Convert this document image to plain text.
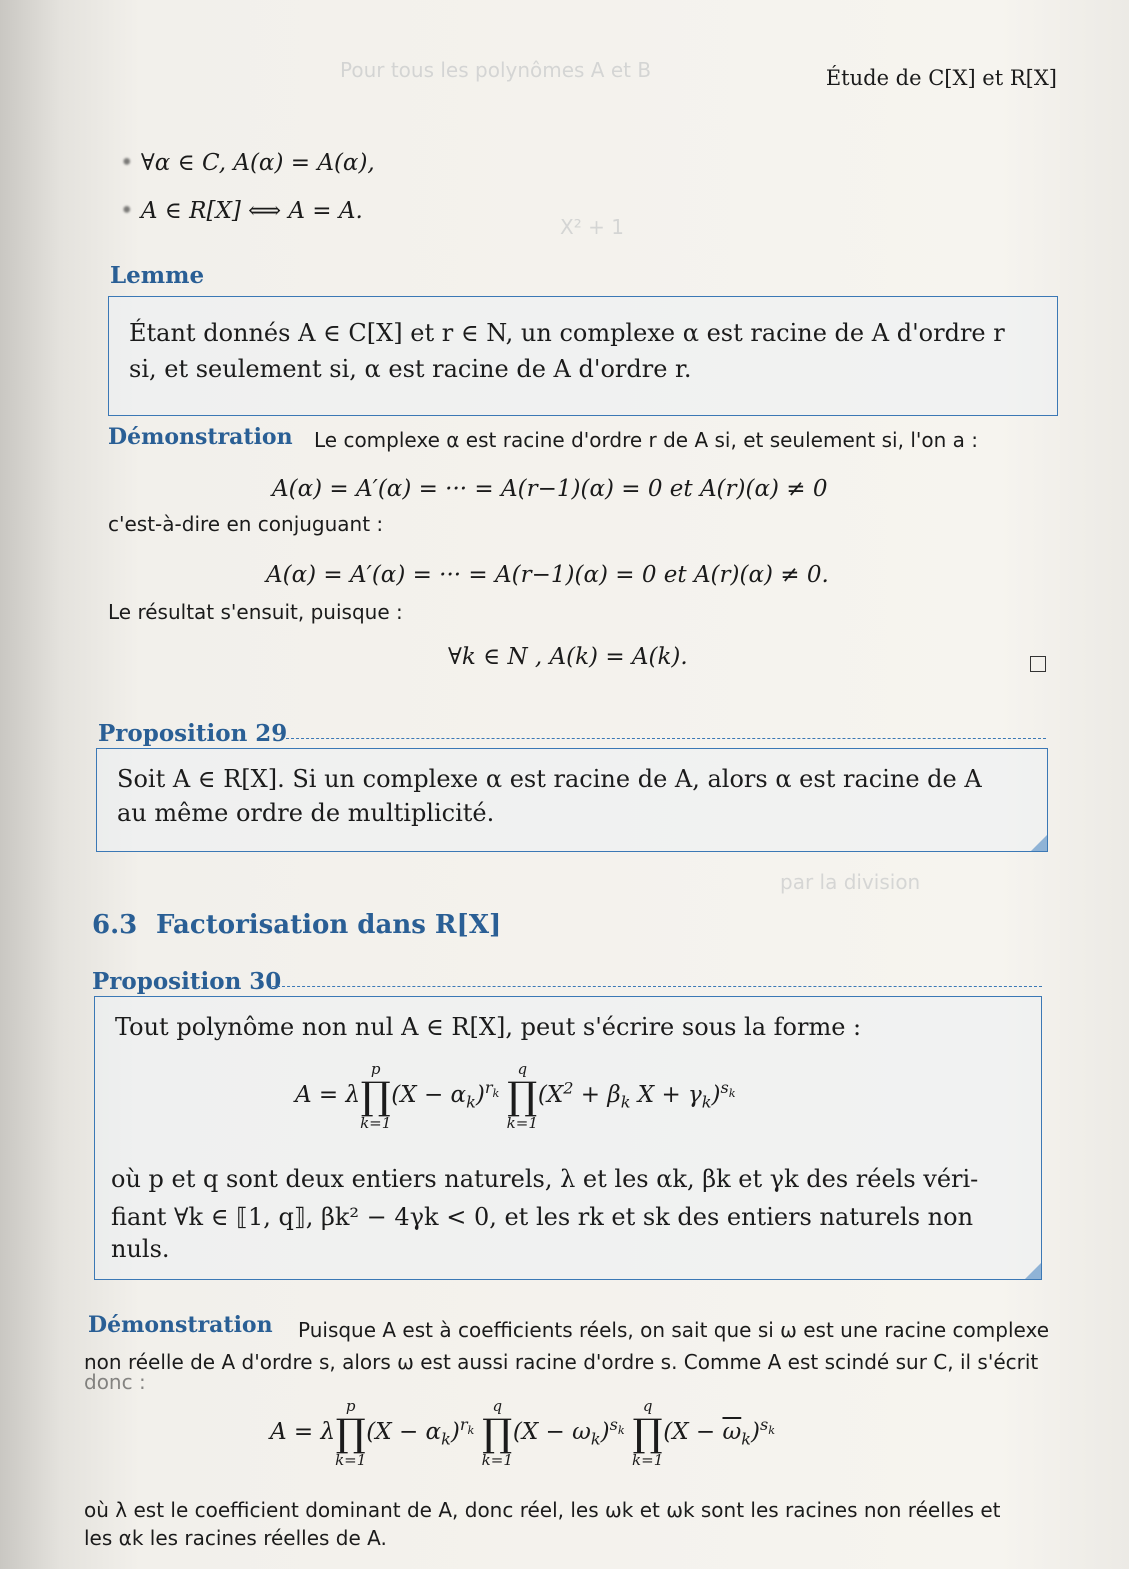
Pour tous les polynômes A et B
X² + 1
par la division
Étude de C[X] et R[X]
• ∀α ∈ C, A(α) = A(α),
• A ∈ R[X] ⟺ A = A.
Lemme
Étant donnés A ∈ C[X] et r ∈ N, un complexe α est racine de A d'ordre r
si, et seulement si, α est racine de A d'ordre r.
Démonstration Le complexe α est racine d'ordre r de A si, et seulement si, l'on a :
A(α) = A′(α) = ··· = A(r−1)(α) = 0 et A(r)(α) ≠ 0
c'est-à-dire en conjuguant :
A(α) = A′(α) = ··· = A(r−1)(α) = 0 et A(r)(α) ≠ 0.
Le résultat s'ensuit, puisque :
∀k ∈ N , A(k) = A(k).
Proposition 29
Soit A ∈ R[X]. Si un complexe α est racine de A, alors α est racine de A
au même ordre de multiplicité.
6.3 Factorisation dans R[X]
Proposition 30
Tout polynôme non nul A ∈ R[X], peut s'écrire sous la forme :
A = λ
p
∏
k=1
$(X - \alpha_k)^{r_k}$
q
∏
k=1
($X^2 + \beta_k$ $X + \gamma_k)^{s_k}$
où p et q sont deux entiers naturels, λ et les αk, βk et γk des réels véri-
fiant ∀k ∈ ⟦1, q⟧, βk² − 4γk < 0, et les rk et sk des entiers naturels non
nuls.
Démonstration Puisque A est à coefficients réels, on sait que si ω est une racine complexe
non réelle de A d'ordre s, alors ω est aussi racine d'ordre s. Comme A est scindé sur C, il s'écrit
donc :
A = λ
p
∏
k=1
$(X - \alpha_k)^{r_k}$
q
∏
k=1
$(X - \omega_k)^{s_k}$
q
∏
k=1
$(X - \overline{\omega}_k)^{s_k}$
où λ est le coefficient dominant de A, donc réel, les ωk et ωk sont les racines non réelles et
les αk les racines réelles de A.
